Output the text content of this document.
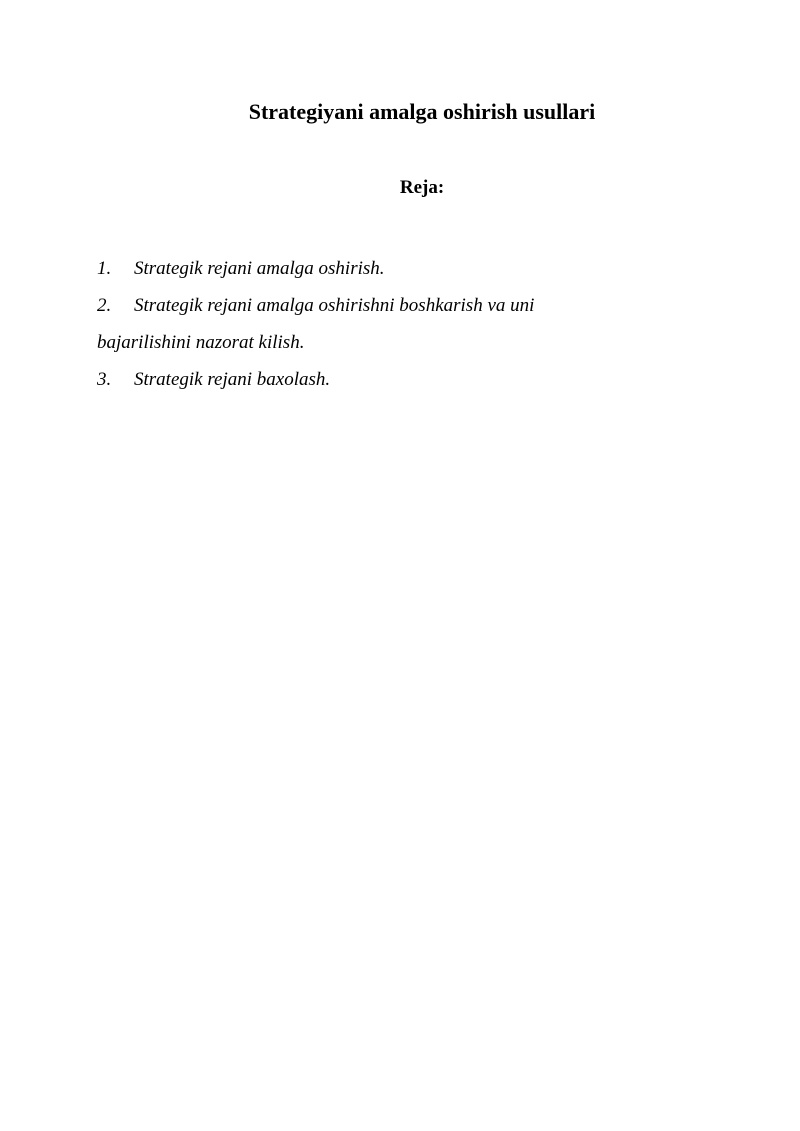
Strategiyani amalga oshirish usullari
Reja:
1. Strategik rejani amalga oshirish.
2. Strategik rejani amalga oshirishni boshkarish va uni
bajarilishini nazorat kilish.
3. Strategik rejani baxolash.
